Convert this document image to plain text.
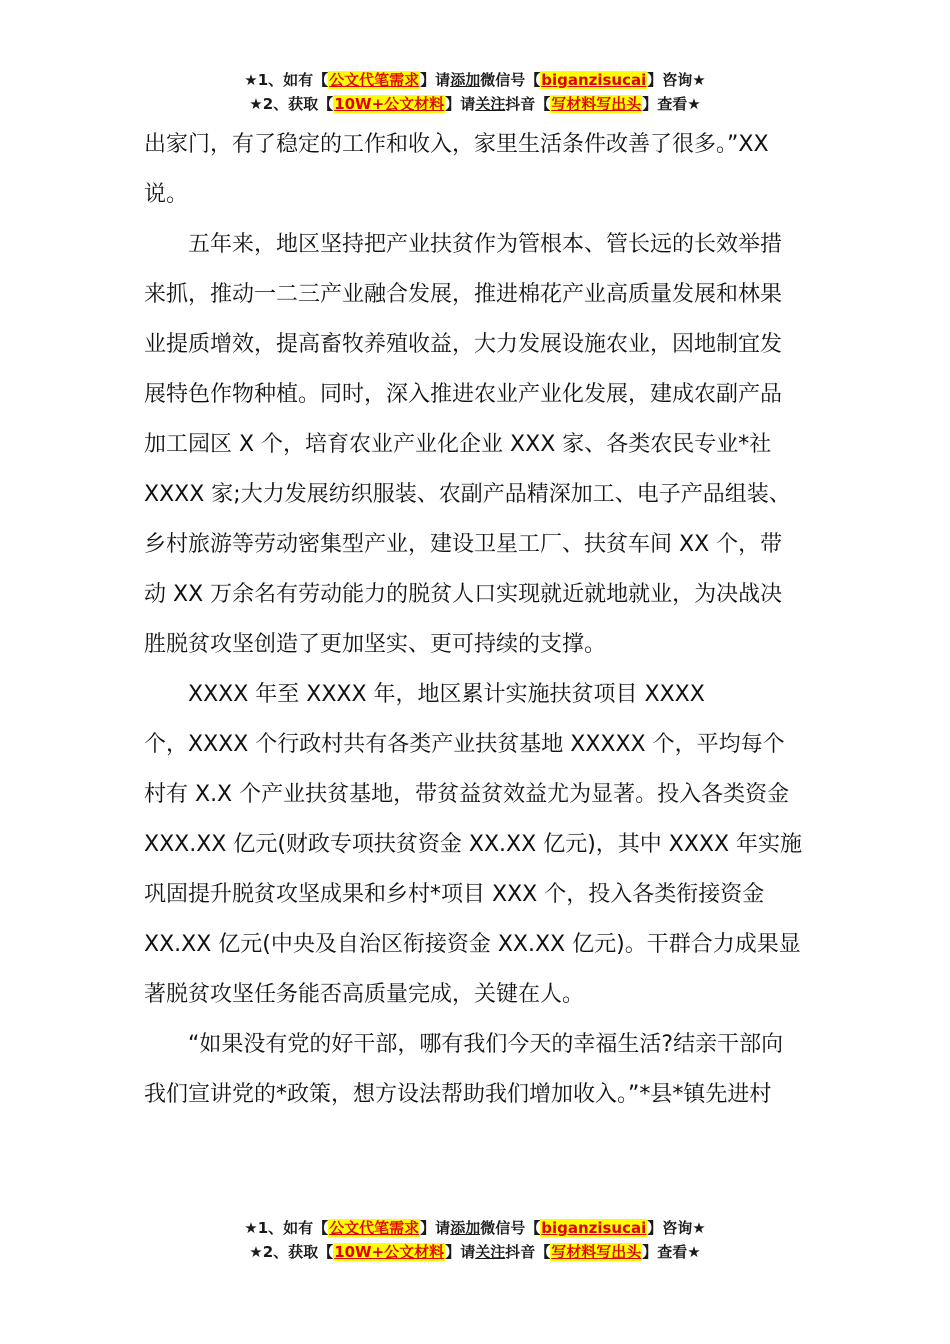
★1、如有【公文代笔需求】请添加微信号【biganzisucai】咨询★
★2、获取【10W+公文材料】请关注抖音【写材料写出头】查看★
出家门，有了稳定的工作和收入，家里生活条件改善了很多。”XX
说。
五年来，地区坚持把产业扶贫作为管根本、管长远的长效举措
来抓，推动一二三产业融合发展，推进棉花产业高质量发展和林果
业提质增效，提高畜牧养殖收益，大力发展设施农业，因地制宜发
展特色作物种植。同时，深入推进农业产业化发展，建成农副产品
加工园区 X 个，培育农业产业化企业 XXX 家、各类农民专业*社
XXXX 家;大力发展纺织服装、农副产品精深加工、电子产品组装、
乡村旅游等劳动密集型产业，建设卫星工厂、扶贫车间 XX 个，带
动 XX 万余名有劳动能力的脱贫人口实现就近就地就业，为决战决
胜脱贫攻坚创造了更加坚实、更可持续的支撑。
XXXX 年至 XXXX 年，地区累计实施扶贫项目 XXXX
个，XXXX 个行政村共有各类产业扶贫基地 XXXXX 个，平均每个
村有 X.X 个产业扶贫基地，带贫益贫效益尤为显著。投入各类资金
XXX.XX 亿元(财政专项扶贫资金 XX.XX 亿元)，其中 XXXX 年实施
巩固提升脱贫攻坚成果和乡村*项目 XXX 个，投入各类衔接资金
XX.XX 亿元(中央及自治区衔接资金 XX.XX 亿元)。干群合力成果显
著脱贫攻坚任务能否高质量完成，关键在人。
“如果没有党的好干部，哪有我们今天的幸福生活?结亲干部向
我们宣讲党的*政策，想方设法帮助我们增加收入。”*县*镇先进村
★1、如有【公文代笔需求】请添加微信号【biganzisucai】咨询★
★2、获取【10W+公文材料】请关注抖音【写材料写出头】查看★
